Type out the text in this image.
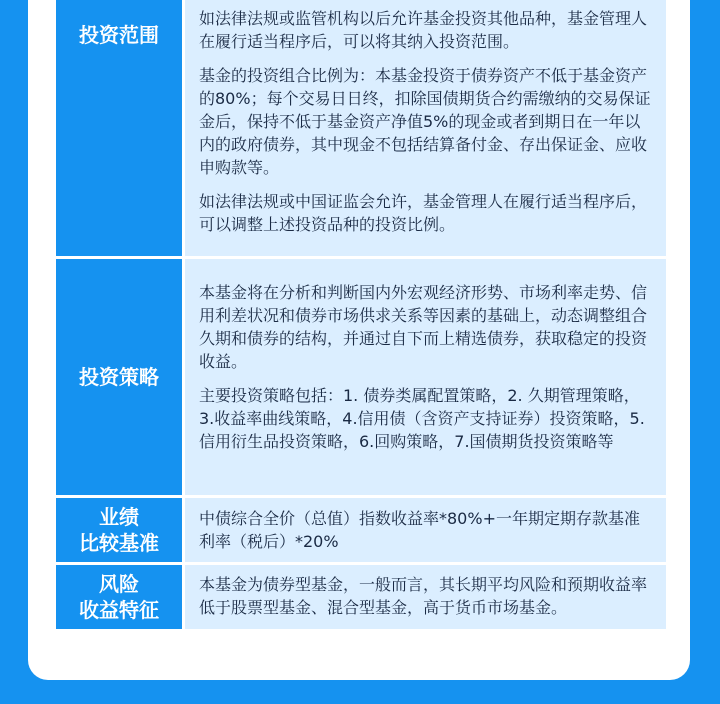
投资范围

如法律法规或监管机构以后允许基金投资其他品种，基金管理人在履行适当程序后，可以将其纳入投资范围。

基金的投资组合比例为：本基金投资于债券资产不低于基金资产的80%；每个交易日日终，扣除国债期货合约需缴纳的交易保证金后，保持不低于基金资产净值5%的现金或者到期日在一年以内的政府债券，其中现金不包括结算备付金、存出保证金、应收申购款等。

如法律法规或中国证监会允许，基金管理人在履行适当程序后，可以调整上述投资品种的投资比例。

投资策略

本基金将在分析和判断国内外宏观经济形势、市场利率走势、信用利差状况和债券市场供求关系等因素的基础上，动态调整组合久期和债券的结构，并通过自下而上精选债券，获取稳定的投资收益。

主要投资策略包括：1. 债券类属配置策略，2. 久期管理策略，3.收益率曲线策略，4.信用债（含资产支持证券）投资策略，5. 信用衍生品投资策略，6.回购策略，7.国债期货投资策略等

业绩
比较基准

中债综合全价（总值）指数收益率*80%+一年期定期存款基准利率（税后）*20%

风险
收益特征

本基金为债券型基金，一般而言，其长期平均风险和预期收益率低于股票型基金、混合型基金，高于货币市场基金。
